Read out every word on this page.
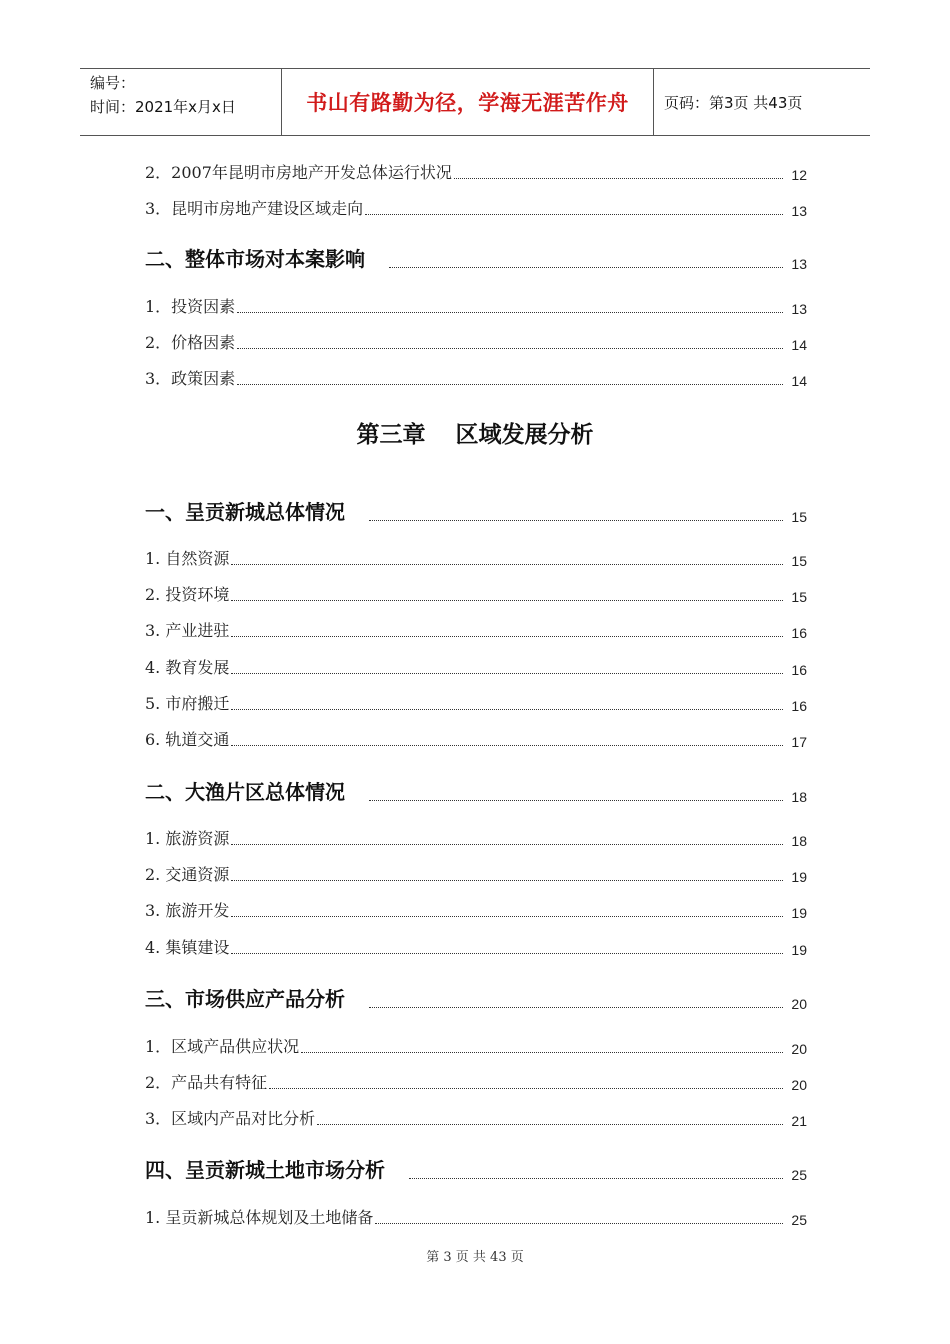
编号：
时间：2021年x月x日	书山有路勤为径，学海无涯苦作舟	页码：第3页 共43页
2．2007年昆明市房地产开发总体运行状况	12
3．昆明市房地产建设区域走向	13
二、整体市场对本案影响	13
1．投资因素	13
2．价格因素	14
3．政策因素	14
第三章 区域发展分析
一、呈贡新城总体情况	15
1. 自然资源	15
2. 投资环境	15
3. 产业进驻	16
4. 教育发展	16
5. 市府搬迁	16
6. 轨道交通	17
二、大渔片区总体情况	18
1. 旅游资源	18
2. 交通资源	19
3. 旅游开发	19
4. 集镇建设	19
三、市场供应产品分析	20
1．区域产品供应状况	20
2．产品共有特征	20
3．区域内产品对比分析	21
四、呈贡新城土地市场分析	25
1. 呈贡新城总体规划及土地储备	25
第 3 页 共 43 页
